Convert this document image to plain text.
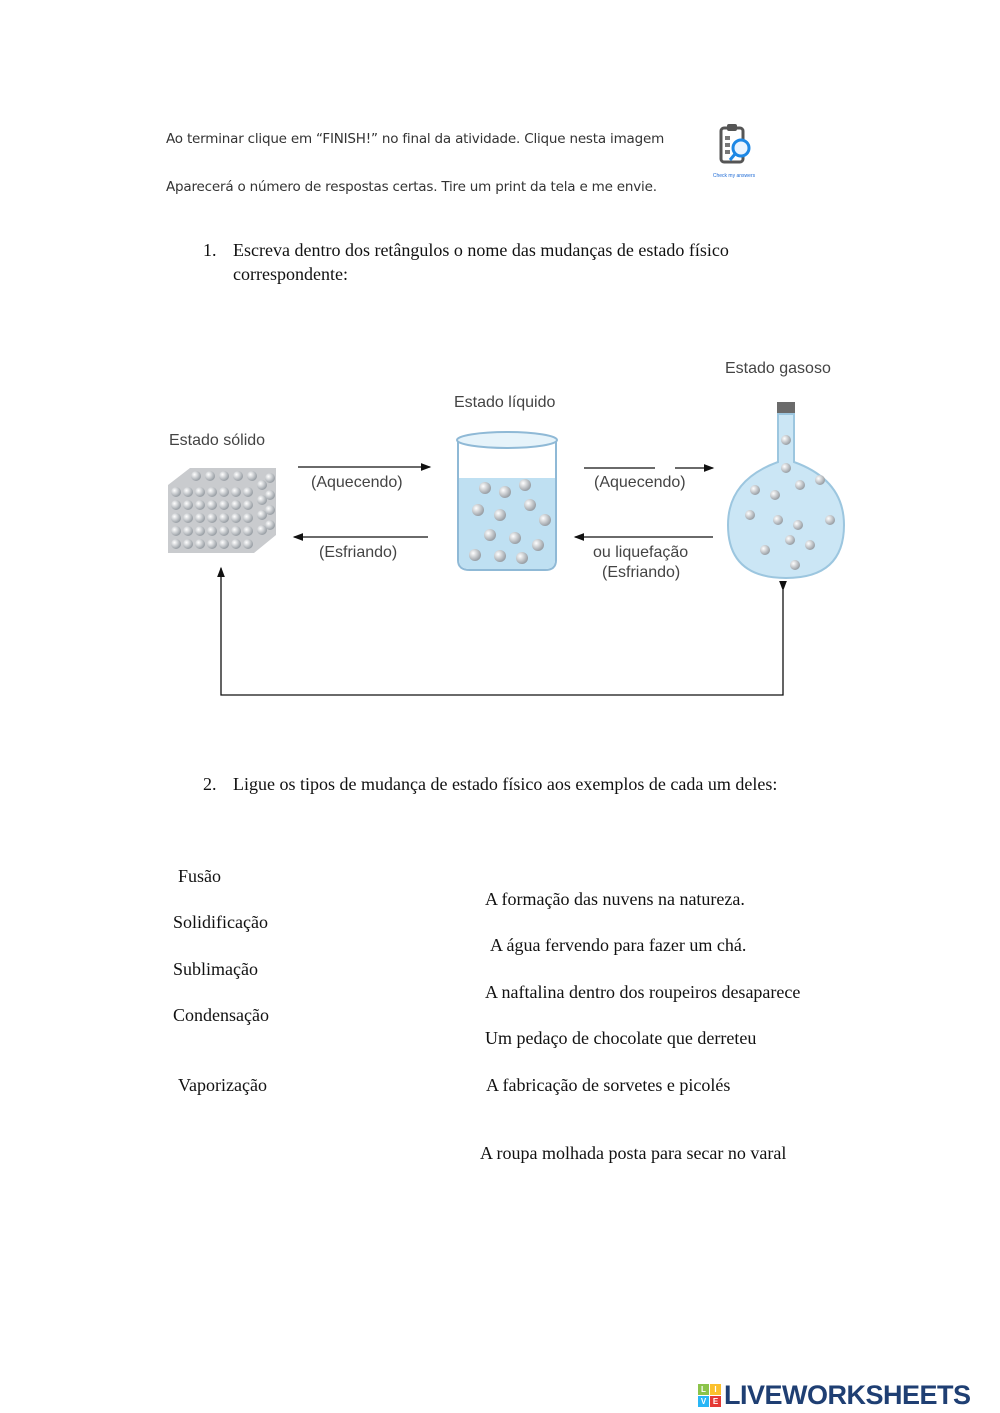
Ao terminar clique em “FINISH!” no final da atividade. Clique nesta imagem
Aparecerá o número de respostas certas. Tire um print da tela e me envie.
Check my answers
1. Escreva dentro dos retângulos o nome das mudanças de estado físico
correspondente:
Estado sólido
Estado líquido
Estado gasoso
(Aquecendo)
(Esfriando)
(Aquecendo)
ou liquefação
(Esfriando)
2. Ligue os tipos de mudança de estado físico aos exemplos de cada um deles:
Fusão
Solidificação
Sublimação
Condensação
Vaporização
A formação das nuvens na natureza.
A água fervendo para fazer um chá.
A naftalina dentro dos roupeiros desaparece
Um pedaço de chocolate que derreteu
A fabricação de sorvetes e picolés
A roupa molhada posta para secar no varal
L	I
V E LIVEWORKSHEETS
